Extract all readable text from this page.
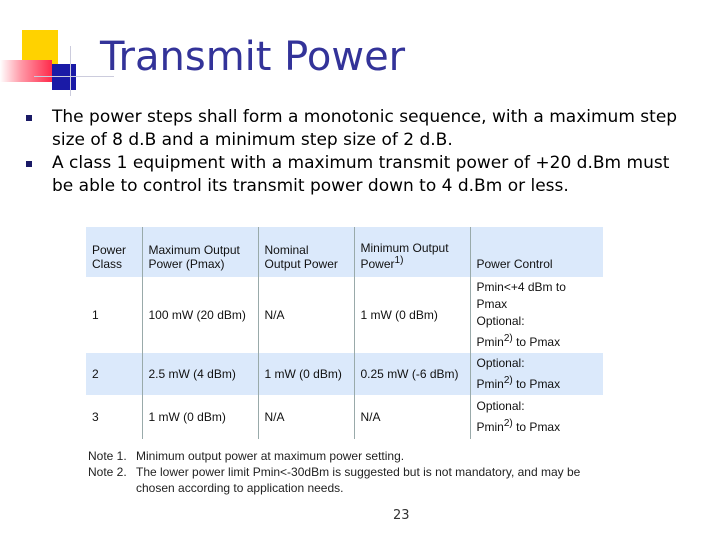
Transmit Power
The power steps shall form a monotonic sequence, with a maximum step size of 8 d.B and a minimum step size of 2 d.B.
A class 1 equipment with a maximum transmit power of +20 d.Bm must be able to control its transmit power down to 4 d.Bm or less.
Power Class	Maximum Output Power (Pmax)	Nominal Output Power	Minimum Output Power$^{1)}$	Power Control
1	100 mW (20 dBm)	N/A	1 mW (0 dBm)	Pmin<+4 dBm to Pmax
Optional:
Pmin$^{2)}$ to Pmax

2	2.5 mW (4 dBm)	1 mW (0 dBm)	0.25 mW (-6 dBm)	Optional:
Pmin$^{2)}$ to Pmax

3	1 mW (0 dBm)	N/A	N/A	Optional:
Pmin$^{2)}$ to Pmax
Note 1. Minimum output power at maximum power setting.
Note 2. The lower power limit Pmin<-30dBm is suggested but is not mandatory, and may be chosen according to application needs.
23
